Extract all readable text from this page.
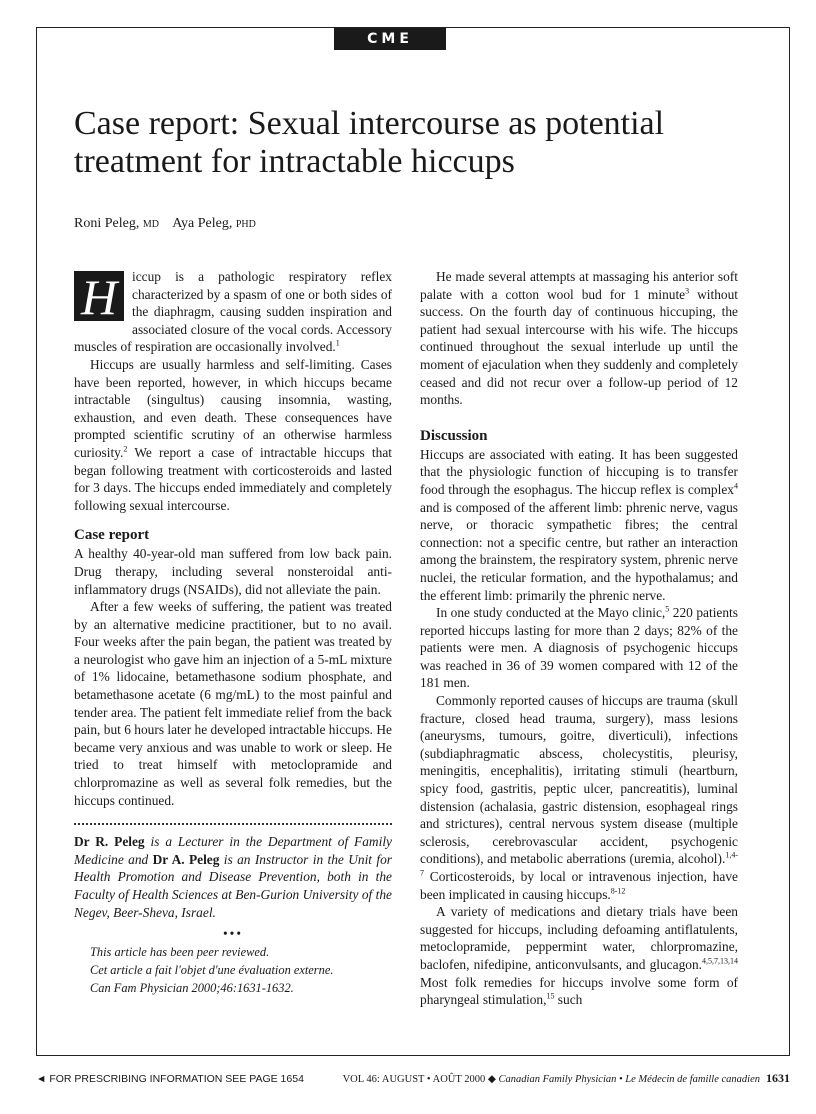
CME
Case report: Sexual intercourse as potential treatment for intractable hiccups
Roni Peleg, MD Aya Peleg, PHD

H	iccup is a pathologic respiratory reflex characterized by a spasm of one or both sides of the diaphragm, causing sudden inspiration and associated closure of the vocal cords. Accessory muscles of respiration are occasionally involved.$^1$

Hiccups are usually harmless and self-limiting. Cases have been reported, however, in which hiccups became intractable (singultus) causing insomnia, wasting, exhaustion, and even death. These consequences have prompted scientific scrutiny of an otherwise harmless curiosity.$^2$ We report a case of intractable hiccups that began following treatment with corticosteroids and lasted for 3 days. The hiccups ended immediately and completely following sexual intercourse.

Case report

A healthy 40-year-old man suffered from low back pain. Drug therapy, including several nonsteroidal anti-inflammatory drugs (NSAIDs), did not alleviate the pain.

After a few weeks of suffering, the patient was treated by an alternative medicine practitioner, but to no avail. Four weeks after the pain began, the patient was treated by a neurologist who gave him an injection of a 5-mL mixture of 1% lidocaine, betamethasone sodium phosphate, and betamethasone acetate (6 mg/mL) to the most painful and tender area. The patient felt immediate relief from the back pain, but 6 hours later he developed intractable hiccups. He became very anxious and was unable to work or sleep. He tried to treat himself with metoclopramide and chlorpromazine as well as several folk remedies, but the hiccups continued.

Dr R. Peleg is a Lecturer in the Department of Family Medicine and Dr A. Peleg is an Instructor in the Unit for Health Promotion and Disease Prevention, both in the Faculty of Health Sciences at Ben-Gurion University of the Negev, Beer-Sheva, Israel.

•••

This article has been peer reviewed.

Cet article a fait l'objet d'une évaluation externe.

Can Fam Physician 2000;46:1631-1632.

He made several attempts at massaging his anterior soft palate with a cotton wool bud for 1 minute$^3$ without success. On the fourth day of continuous hiccuping, the patient had sexual intercourse with his wife. The hiccups continued throughout the sexual interlude up until the moment of ejaculation when they suddenly and completely ceased and did not recur over a follow-up period of 12 months.

Discussion

Hiccups are associated with eating. It has been suggested that the physiologic function of hiccuping is to transfer food through the esophagus. The hiccup reflex is complex$^4$ and is composed of the afferent limb: phrenic nerve, vagus nerve, or thoracic sympathetic fibres; the central connection: not a specific centre, but rather an interaction among the brainstem, the respiratory system, phrenic nerve nuclei, the reticular formation, and the hypothalamus; and the efferent limb: primarily the phrenic nerve.

In one study conducted at the Mayo clinic,$^5$ 220 patients reported hiccups lasting for more than 2 days; 82% of the patients were men. A diagnosis of psychogenic hiccups was reached in 36 of 39 women compared with 12 of the 181 men.

Commonly reported causes of hiccups are trauma (skull fracture, closed head trauma, surgery), mass lesions (aneurysms, tumours, goitre, diverticuli), infections (subdiaphragmatic abscess, cholecystitis, pleurisy, meningitis, encephalitis), irritating stimuli (heartburn, spicy food, gastritis, peptic ulcer, pancreatitis), luminal distension (achalasia, gastric distension, esophageal rings and strictures), central nervous system disease (multiple sclerosis, cerebrovascular accident, psychogenic conditions), and metabolic aberrations (uremia, alcohol).$^{1,4-7}$ Corticosteroids, by local or intravenous injection, have been implicated in causing hiccups.$^{8-12}$

A variety of medications and dietary trials have been suggested for hiccups, including defoaming antiflatulents, metoclopramide, peppermint water, chlorpromazine, baclofen, nifedipine, anticonvulsants, and glucagon.$^{4,5,7,13,14}$ Most folk remedies for hiccups involve some form of pharyngeal stimulation,$^{15}$ such

◄ FOR PRESCRIBING INFORMATION SEE PAGE 1654	VOL 46: AUGUST • AOÛT 2000 ◆ Canadian Family Physician • Le Médecin de famille canadien 1631
